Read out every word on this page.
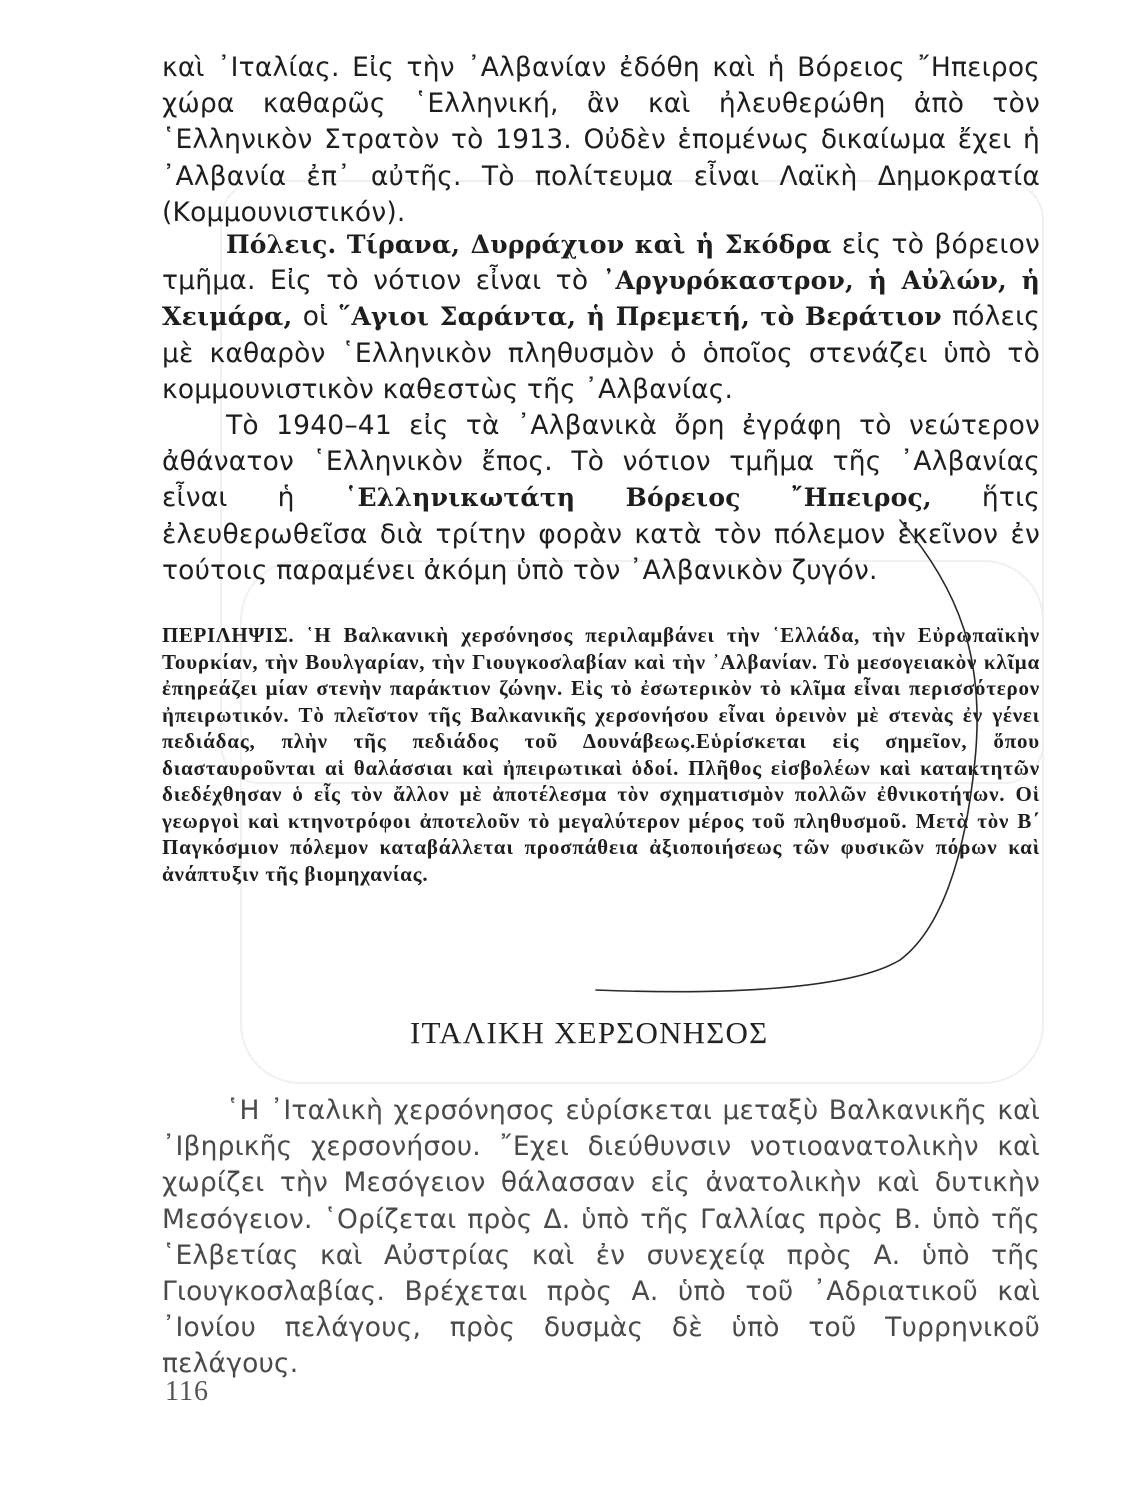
καὶ ᾽Ιταλίας. Εἰς τὴν ᾽Αλβανίαν ἐδόθη καὶ ἡ Βόρειος ῎Ηπειρος χώρα καθαρῶς ῾Ελληνική, ἂν καὶ ἠλευθερώθη ἀπὸ τὸν ῾Ελληνικὸν Στρατὸν τὸ 1913. Οὐδὲν ἑπομένως δικαίωμα ἔχει ἡ ᾽Αλβανία ἐπ᾽ αὐτῆς. Τὸ πολίτευμα εἶναι Λαϊκὴ Δημοκρατία (Κομμουνιστικόν).

Πόλεις. Τίρανα, Δυρράχιον καὶ ἡ Σκόδρα εἰς τὸ βόρειον τμῆμα. Εἰς τὸ νότιον εἶναι τὸ ᾽Αργυρόκαστρον, ἡ Αὐλών, ἡ Χειμάρα, οἱ ῞Αγιοι Σαράντα, ἡ Πρεμετή, τὸ Βεράτιον πόλεις μὲ καθαρὸν ῾Ελληνικὸν πληθυσμὸν ὁ ὁποῖος στενάζει ὑπὸ τὸ κομμουνιστικὸν καθεστὼς τῆς ᾽Αλβανίας.

Τὸ 1940–41 εἰς τὰ ᾽Αλβανικὰ ὄρη ἐγράφη τὸ νεώτερον ἀθάνατον ῾Ελληνικὸν ἔπος. Τὸ νότιον τμῆμα τῆς ᾽Αλβανίας εἶναι ἡ ῾Ελληνικωτάτη Βόρειος ῎Ηπειρος, ἥτις ἐλευθερωθεῖσα διὰ τρίτην φορὰν κατὰ τὸν πόλεμον ἐκεῖνον ἐν τούτοις παραμένει ἀκόμη ὑπὸ τὸν ᾽Αλβανικὸν ζυγόν.

ΠΕΡΙΛΗΨΙΣ. ῾Η Βαλκανικὴ χερσόνησος περιλαμβάνει τὴν ῾Ελλάδα, τὴν Εὐρωπαϊκὴν Τουρκίαν, τὴν Βουλγαρίαν, τὴν Γιουγκοσλαβίαν καὶ τὴν ᾽Αλβανίαν. Τὸ μεσογειακὸν κλῖμα ἐπηρεάζει μίαν στενὴν παράκτιον ζώνην. Εἰς τὸ ἐσωτερικὸν τὸ κλῖμα εἶναι περισσότερον ἠπειρωτικόν. Τὸ πλεῖστον τῆς Βαλκανικῆς χερσονήσου εἶναι ὀρεινὸν μὲ στενὰς ἐν γένει πεδιάδας, πλὴν τῆς πεδιάδος τοῦ Δουνάβεως.Εὑρίσκεται εἰς σημεῖον, ὅπου διασταυροῦνται αἱ θαλάσσιαι καὶ ἠπειρωτικαὶ ὁδοί. Πλῆθος εἰσβολέων καὶ κατακτητῶν διεδέχθησαν ὁ εἷς τὸν ἄλλον μὲ ἀποτέλεσμα τὸν σχηματισμὸν πολλῶν ἐθνικοτήτων. Οἱ γεωργοὶ καὶ κτηνοτρόφοι ἀποτελοῦν τὸ μεγαλύτερον μέρος τοῦ πληθυσμοῦ. Μετὰ τὸν Β΄ Παγκόσμιον πόλεμον καταβάλλεται προσπάθεια ἀξιοποιήσεως τῶν φυσικῶν πόρων καὶ ἀνάπτυξιν τῆς βιομηχανίας.

ΙΤΑΛΙΚΗ ΧΕΡΣΟΝΗΣΟΣ

῾Η ᾽Ιταλικὴ χερσόνησος εὑρίσκεται μεταξὺ Βαλκανικῆς καὶ ᾽Ιβηρικῆς χερσονήσου. ῎Εχει διεύθυνσιν νοτιοανατολικὴν καὶ χωρίζει τὴν Μεσόγειον θάλασσαν εἰς ἀνατολικὴν καὶ δυτικὴν Μεσόγειον. ῾Ορίζεται πρὸς Δ. ὑπὸ τῆς Γαλλίας πρὸς Β. ὑπὸ τῆς ῾Ελβετίας καὶ Αὐστρίας καὶ ἐν συνεχείᾳ πρὸς Α. ὑπὸ τῆς Γιουγκοσλαβίας. Βρέχεται πρὸς Α. ὑπὸ τοῦ ᾽Αδριατικοῦ καὶ ᾽Ιονίου πελάγους, πρὸς δυσμὰς δὲ ὑπὸ τοῦ Τυρρηνικοῦ πελάγους.

116
